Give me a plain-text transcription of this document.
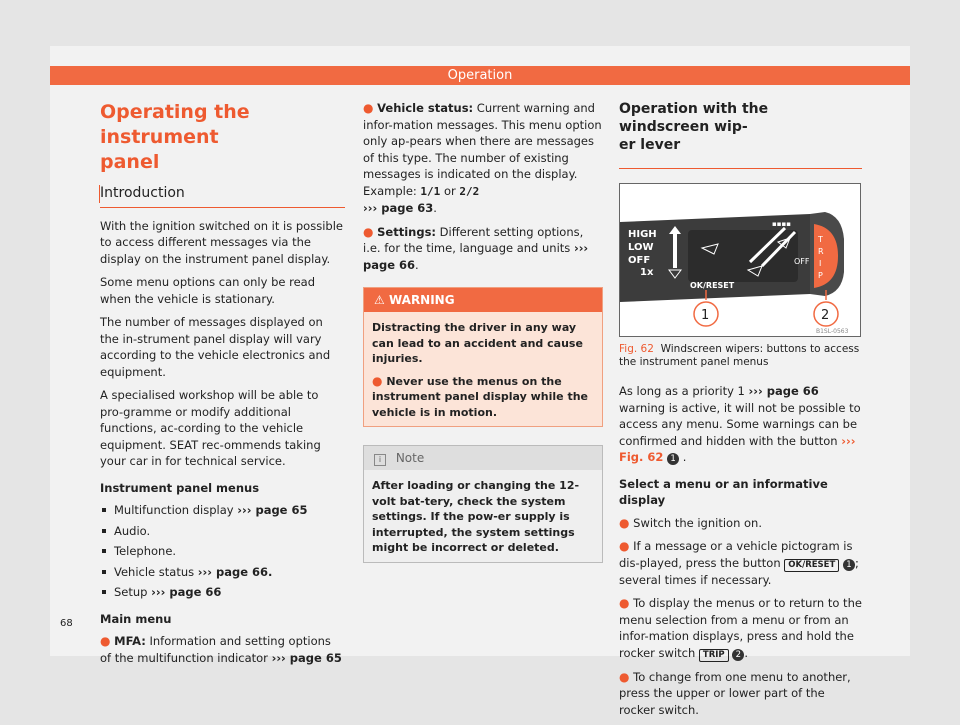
Operation
Operating the instrument
panel
Introduction

With the ignition switched on it is possible to access different messages via the display on the instrument panel display.

Some menu options can only be read when the vehicle is stationary.

The number of messages displayed on the in-strument panel display will vary according to the vehicle electronics and equipment.

A specialised workshop will be able to pro-gramme or modify additional functions, ac-cording to the vehicle equipment. SEAT rec-ommends taking your car in for technical service.

Instrument panel menus
Multifunction display ››› page 65
Audio.
Telephone.
Vehicle status ››› page 66.
Setup ››› page 66
Main menu

● MFA: Information and setting options of the multifunction indicator ››› page 65

● Vehicle status: Current warning and infor-mation messages. This menu option only ap-pears when there are messages of this type. The number of existing messages is indicated on the display. Example: 1/1 or 2/2
››› page 63.

● Settings: Different setting options, i.e. for the time, language and units ››› page 66.

⚠ WARNING

Distracting the driver in any way can lead to an accident and cause injuries.

● Never use the menus on the instrument panel display while the vehicle is in motion.

i Note
After loading or changing the 12-volt bat-tery, check the system settings. If the pow-er supply is interrupted, the system settings might be incorrect or deleted.
Operation with the windscreen wip-
er lever
HIGH
LOW
OFF
1x
OFF
▪▪▪▪
T
R
I
P
OK/RESET
1	2
B1SL-0563
Fig. 62 Windscreen wipers: buttons to access the instrument panel menus

As long as a priority 1 ››› page 66 warning is active, it will not be possible to access any menu. Some warnings can be confirmed and hidden with the button ››› Fig. 62 1 .

Select a menu or an informative display

● Switch the ignition on.

● If a message or a vehicle pictogram is dis-played, press the button OK/RESET 1 ; several times if necessary.

● To display the menus or to return to the menu selection from a menu or from an infor-mation displays, press and hold the rocker switch TRIP 2 .

● To change from one menu to another, press the upper or lower part of the rocker switch.

68
